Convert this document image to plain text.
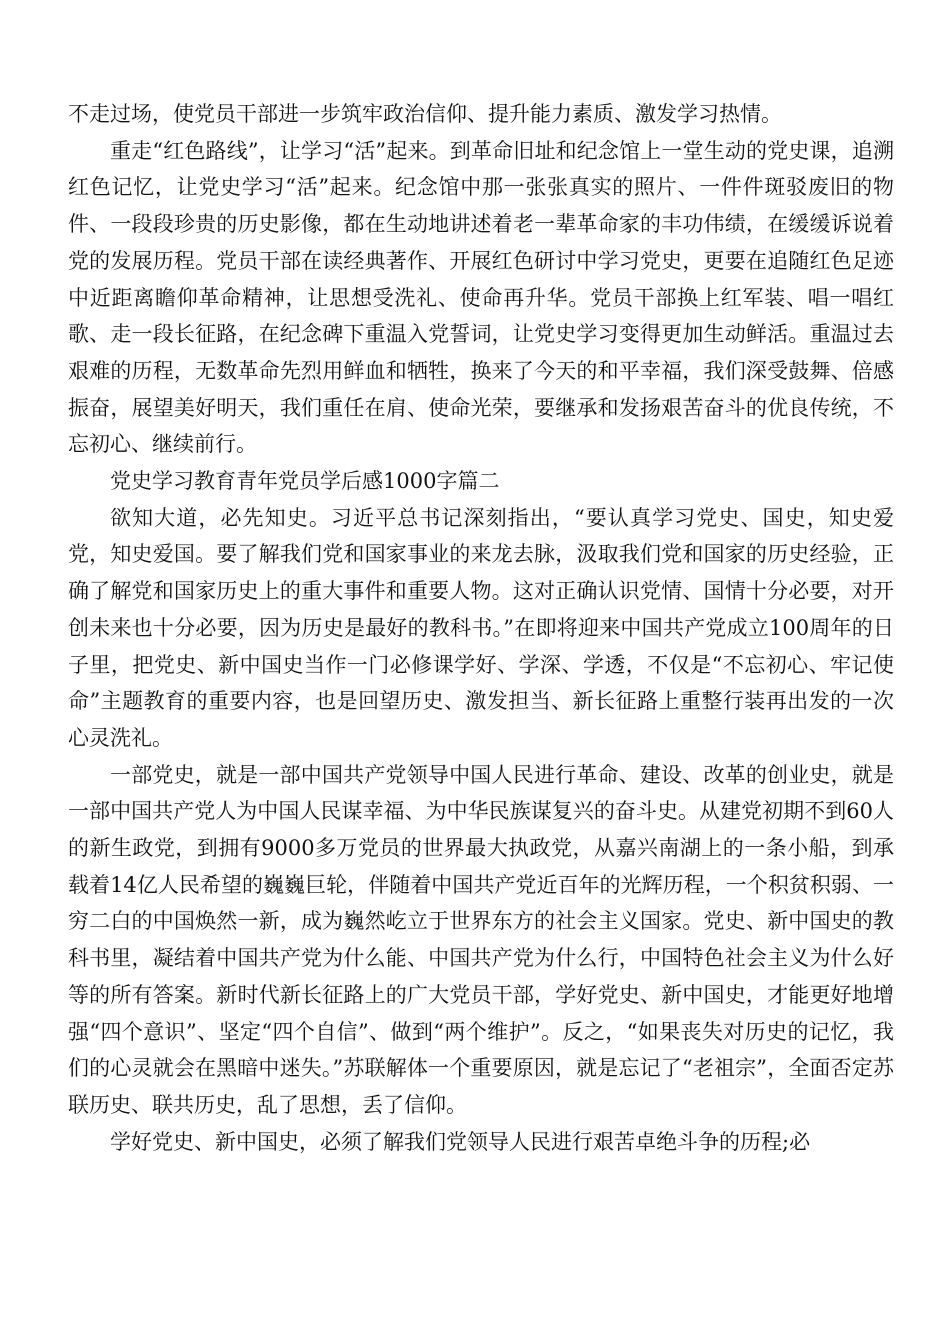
不走过场，使党员干部进一步筑牢政治信仰、提升能力素质、激发学习热情。

重走“红色路线”，让学习“活”起来。到革命旧址和纪念馆上一堂生动的党史课，追溯红色记忆，让党史学习“活”起来。纪念馆中那一张张真实的照片、一件件斑驳废旧的物件、一段段珍贵的历史影像，都在生动地讲述着老一辈革命家的丰功伟绩，在缓缓诉说着党的发展历程。党员干部在读经典著作、开展红色研讨中学习党史，更要在追随红色足迹中近距离瞻仰革命精神，让思想受洗礼、使命再升华。党员干部换上红军装、唱一唱红歌、走一段长征路，在纪念碑下重温入党誓词，让党史学习变得更加生动鲜活。重温过去艰难的历程，无数革命先烈用鲜血和牺牲，换来了今天的和平幸福，我们深受鼓舞、倍感振奋，展望美好明天，我们重任在肩、使命光荣，要继承和发扬艰苦奋斗的优良传统，不忘初心、继续前行。

党史学习教育青年党员学后感1000字篇二

欲知大道，必先知史。习近平总书记深刻指出，“要认真学习党史、国史，知史爱党，知史爱国。要了解我们党和国家事业的来龙去脉，汲取我们党和国家的历史经验，正确了解党和国家历史上的重大事件和重要人物。这对正确认识党情、国情十分必要，对开创未来也十分必要，因为历史是最好的教科书。”在即将迎来中国共产党成立100周年的日子里，把党史、新中国史当作一门必修课学好、学深、学透，不仅是“不忘初心、牢记使命”主题教育的重要内容，也是回望历史、激发担当、新长征路上重整行装再出发的一次心灵洗礼。

一部党史，就是一部中国共产党领导中国人民进行革命、建设、改革的创业史，就是一部中国共产党人为中国人民谋幸福、为中华民族谋复兴的奋斗史。从建党初期不到60人的新生政党，到拥有9000多万党员的世界最大执政党，从嘉兴南湖上的一条小船，到承载着14亿人民希望的巍巍巨轮，伴随着中国共产党近百年的光辉历程，一个积贫积弱、一穷二白的中国焕然一新，成为巍然屹立于世界东方的社会主义国家。党史、新中国史的教科书里，凝结着中国共产党为什么能、中国共产党为什么行，中国特色社会主义为什么好等的所有答案。新时代新长征路上的广大党员干部，学好党史、新中国史，才能更好地增强“四个意识”、坚定“四个自信”、做到“两个维护”。反之，“如果丧失对历史的记忆，我们的心灵就会在黑暗中迷失。”苏联解体一个重要原因，就是忘记了“老祖宗”，全面否定苏联历史、联共历史，乱了思想，丢了信仰。

学好党史、新中国史，必须了解我们党领导人民进行艰苦卓绝斗争的历程;必
